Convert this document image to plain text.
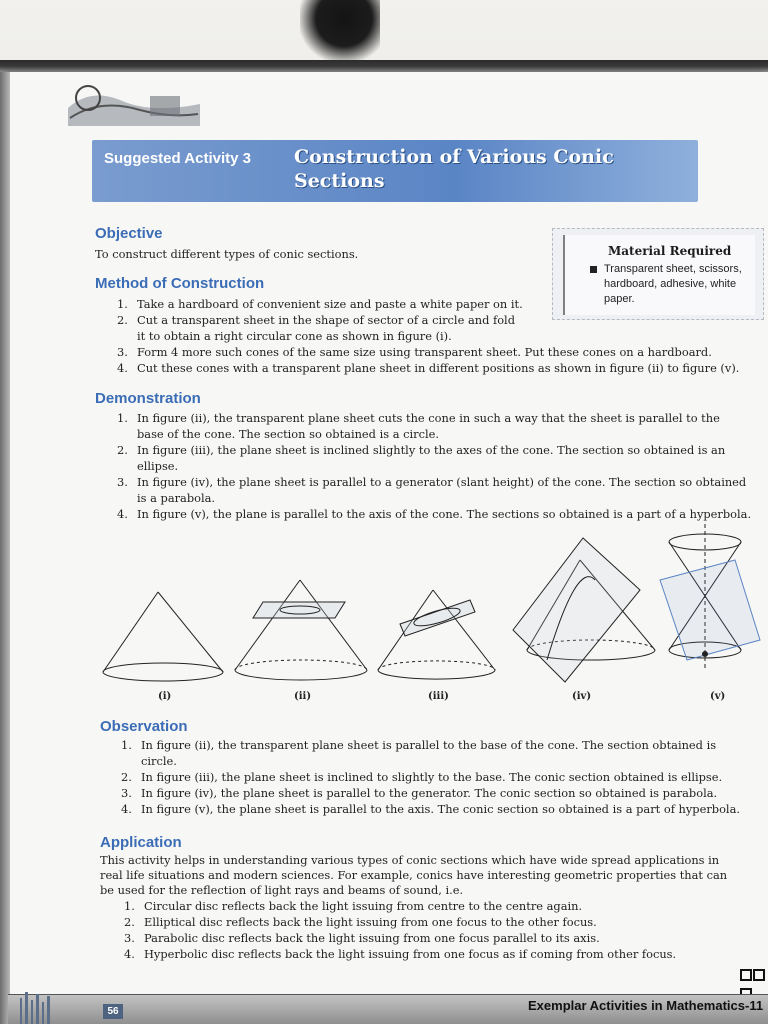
Suggested Activity 3 Construction of Various Conic Sections
Objective
To construct different types of conic sections.	Material Required
Transparent sheet, scissors, hardboard, adhesive, white paper.
Method of Construction
1. Take a hardboard of convenient size and paste a white paper on it.
2. Cut a transparent sheet in the shape of sector of a circle and fold
it to obtain a right circular cone as shown in figure (i).
3. Form 4 more such cones of the same size using transparent sheet. Put these cones on a hardboard.
4. Cut these cones with a transparent plane sheet in different positions as shown in figure (ii) to figure (v).
Demonstration
1. In figure (ii), the transparent plane sheet cuts the cone in such a way that the sheet is parallel to the
base of the cone. The section so obtained is a circle.
2. In figure (iii), the plane sheet is inclined slightly to the axes of the cone. The section so obtained is an
ellipse.
3. In figure (iv), the plane sheet is parallel to a generator (slant height) of the cone. The section so obtained
is a parabola.
4. In figure (v), the plane is parallel to the axis of the cone. The sections so obtained is a part of a hyperbola.
(i)	(ii)	(iii)	(iv)	(v)
Observation
1. In figure (ii), the transparent plane sheet is parallel to the base of the cone. The section obtained is
circle.
2. In figure (iii), the plane sheet is inclined to slightly to the base. The conic section obtained is ellipse.
3. In figure (iv), the plane sheet is parallel to the generator. The conic section so obtained is parabola.
4. In figure (v), the plane sheet is parallel to the axis. The conic section so obtained is a part of hyperbola.
Application
This activity helps in understanding various types of conic sections which have wide spread applications in
real life situations and modern sciences. For example, conics have interesting geometric properties that can
be used for the reflection of light rays and beams of sound, i.e.
1. Circular disc reflects back the light issuing from centre to the centre again.
2. Elliptical disc reflects back the light issuing from one focus to the other focus.
3. Parabolic disc reflects back the light issuing from one focus parallel to its axis.
4. Hyperbolic disc reflects back the light issuing from one focus as if coming from other focus.
56	Exemplar Activities in Mathematics-11
